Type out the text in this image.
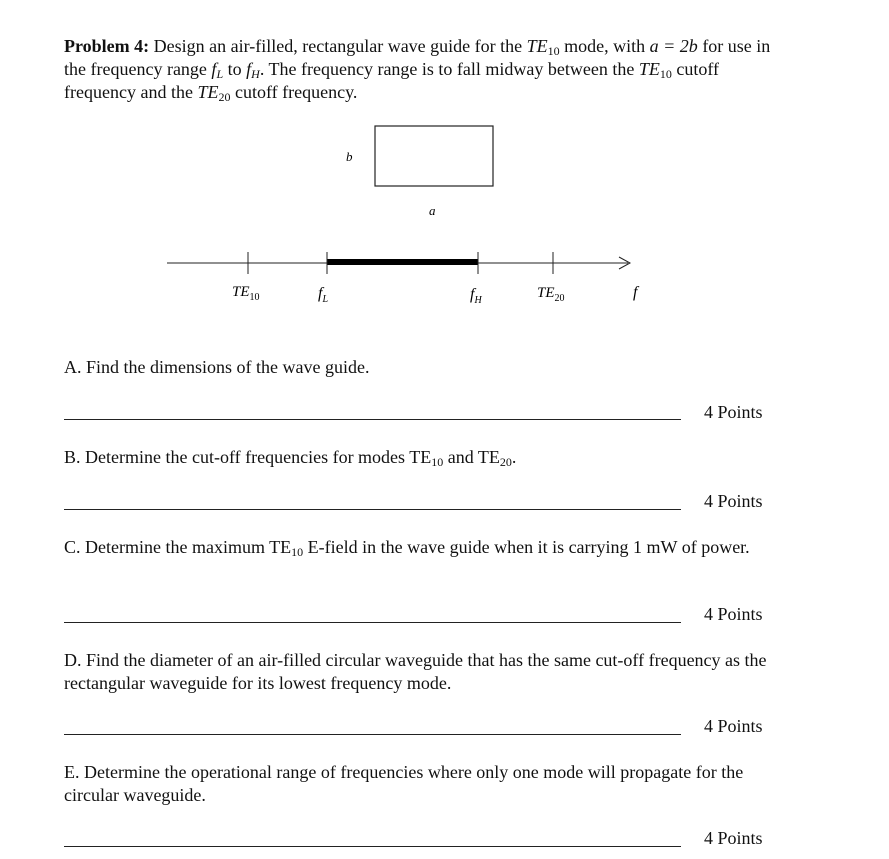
Problem 4: Design an air-filled, rectangular wave guide for the $TE_{10}$ mode, with a = 2b for use in the frequency range $f_L$ to $f_H$. The frequency range is to fall midway between the $TE_{10}$ cutoff frequency and the $TE_{20}$ cutoff frequency.

b
a
$TE_{10}$	$f_L$	$f_H$	$TE_{20}$	f

A. Find the dimensions of the wave guide.

4 Points

B. Determine the cut-off frequencies for modes $TE_{10}$ and $TE_{20}$.

4 Points

C. Determine the maximum $TE_{10}$ E-field in the wave guide when it is carrying 1 mW of power.

4 Points

D. Find the diameter of an air-filled circular waveguide that has the same cut-off frequency as the rectangular waveguide for its lowest frequency mode.

4 Points

E. Determine the operational range of frequencies where only one mode will propagate for the circular waveguide.

4 Points
